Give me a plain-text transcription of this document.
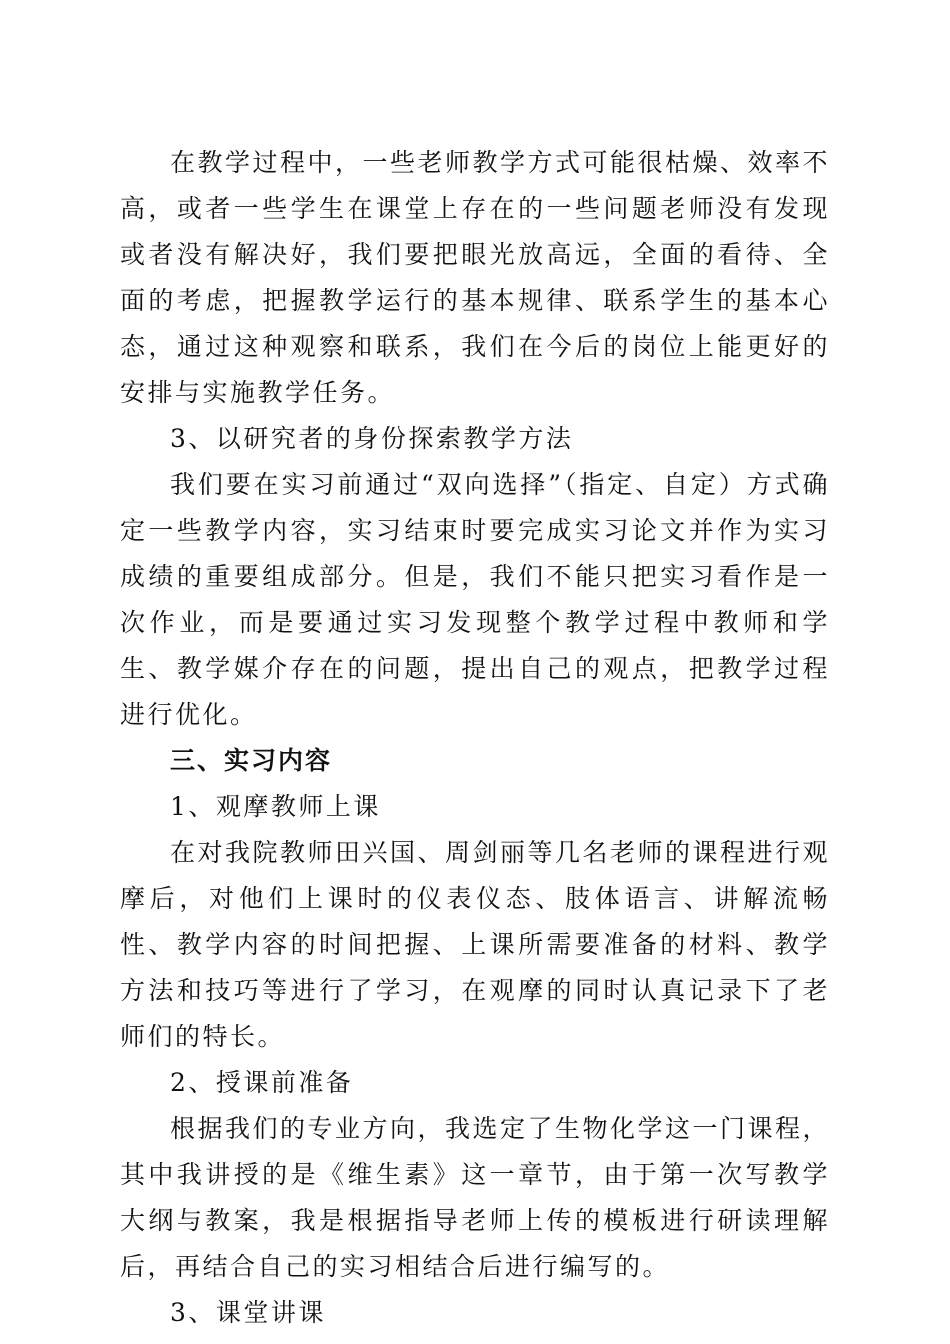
在教学过程中，一些老师教学方式可能很枯燥、效率不高，或者一些学生在课堂上存在的一些问题老师没有发现或者没有解决好，我们要把眼光放高远，全面的看待、全面的考虑，把握教学运行的基本规律、联系学生的基本心态，通过这种观察和联系，我们在今后的岗位上能更好的安排与实施教学任务。

3、以研究者的身份探索教学方法

我们要在实习前通过“双向选择”（指定、自定）方式确定一些教学内容，实习结束时要完成实习论文并作为实习成绩的重要组成部分。但是，我们不能只把实习看作是一次作业，而是要通过实习发现整个教学过程中教师和学生、教学媒介存在的问题，提出自己的观点，把教学过程进行优化。

三、实习内容

1、观摩教师上课

在对我院教师田兴国、周剑丽等几名老师的课程进行观摩后，对他们上课时的仪表仪态、肢体语言、讲解流畅性、教学内容的时间把握、上课所需要准备的材料、教学方法和技巧等进行了学习，在观摩的同时认真记录下了老师们的特长。

2、授课前准备

根据我们的专业方向，我选定了生物化学这一门课程，其中我讲授的是《维生素》这一章节，由于第一次写教学大纲与教案，我是根据指导老师上传的模板进行研读理解后，再结合自己的实习相结合后进行编写的。

3、课堂讲课
